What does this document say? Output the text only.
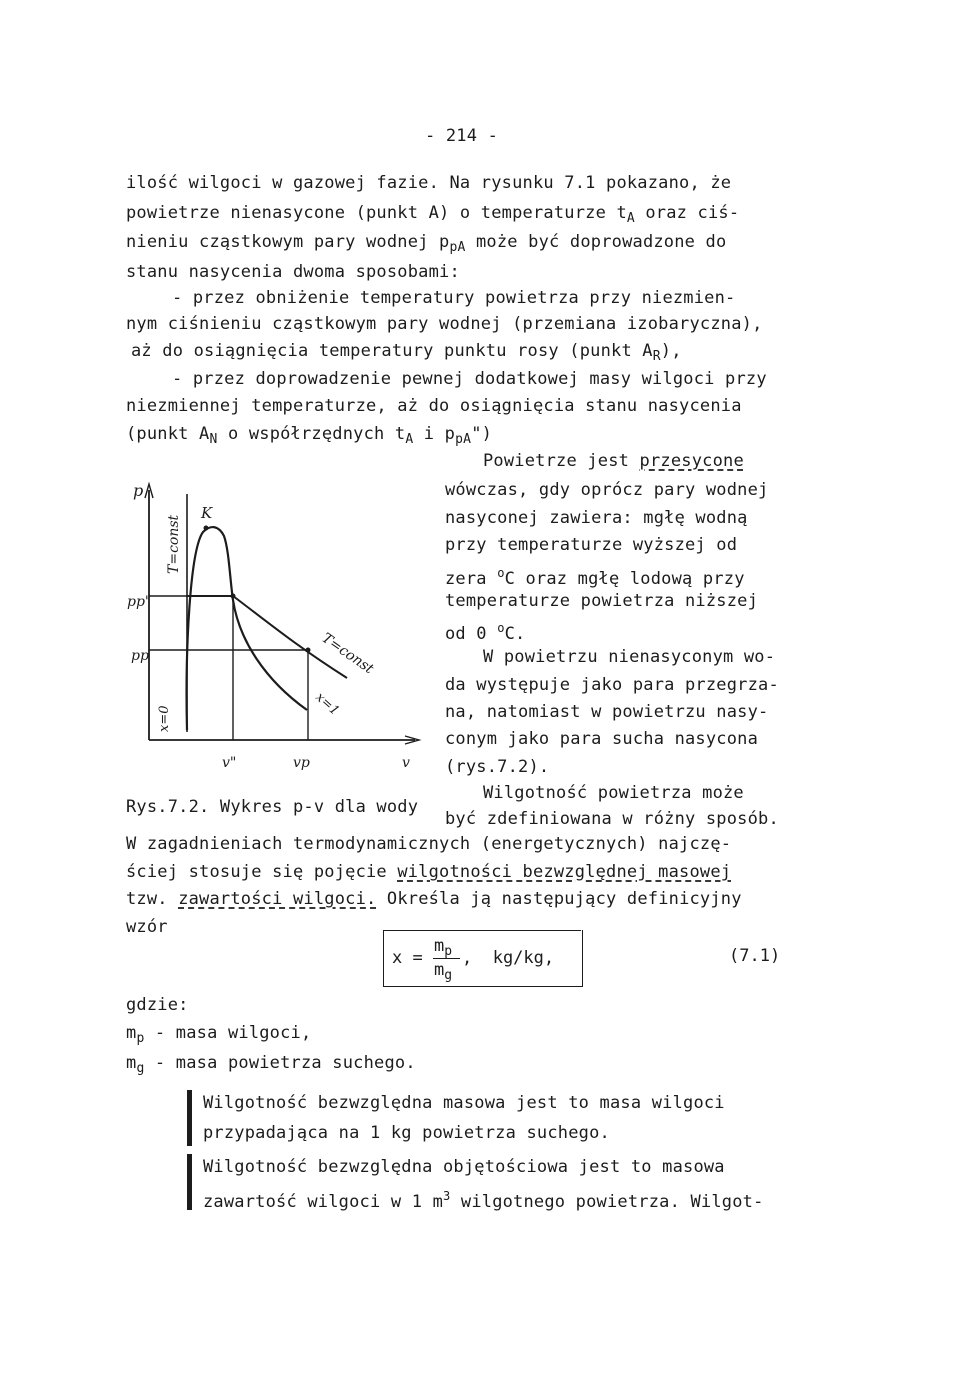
- 214 -
ilość wilgoci w gazowej fazie. Na rysunku 7.1 pokazano, że
powietrze nienasycone (punkt A) o temperaturze $t_A$ oraz ciś-
nieniu cząstkowym pary wodnej $p_{pA}$ może być doprowadzone do
stanu nasycenia dwoma sposobami:
- przez obniżenie temperatury powietrza przy niezmien-
nym ciśnieniu cząstkowym pary wodnej (przemiana izobaryczna),
aż do osiągnięcia temperatury punktu rosy (punkt $A_R$),
- przez doprowadzenie pewnej dodatkowej masy wilgoci przy
niezmiennej temperaturze, aż do osiągnięcia stanu nasycenia
(punkt $A_N$ o współrzędnych $t_A$ i $p_{pA}$")
Powietrze jest przesycone
wówczas, gdy oprócz pary wodnej
nasyconej zawiera: mgłę wodną
przy temperaturze wyższej od
zera $^o$C oraz mgłę lodową przy
temperaturze powietrza niższej
od 0 $^o$C.
W powietrzu nienasyconym wo-
da występuje jako para przegrza-
na, natomiast w powietrzu nasy-
conym jako para sucha nasycona
(rys.7.2).
Wilgotność powietrza może
być zdefiniowana w różny sposób.
p
K
pp'
pp
T=const
T=const
x=0
x=1
v"	vp	v
Rys.7.2. Wykres p-v dla wody
W zagadnieniach termodynamicznych (energetycznych) najczę-
ściej stosuje się pojęcie wilgotności bezwzględnej masowej
tzw. zawartości wilgoci. Określa ją następujący definicyjny
wzór
x =
$m_p$
$m_g$
,  kg/kg,	(7.1)
gdzie:
$m_p$ - masa wilgoci,
$m_g$ - masa powietrza suchego.
Wilgotność bezwzględna masowa jest to masa wilgoci
przypadająca na 1 kg powietrza suchego.
Wilgotność bezwzględna objętościowa jest to masowa
zawartość wilgoci w 1 $m^3$ wilgotnego powietrza. Wilgot-
